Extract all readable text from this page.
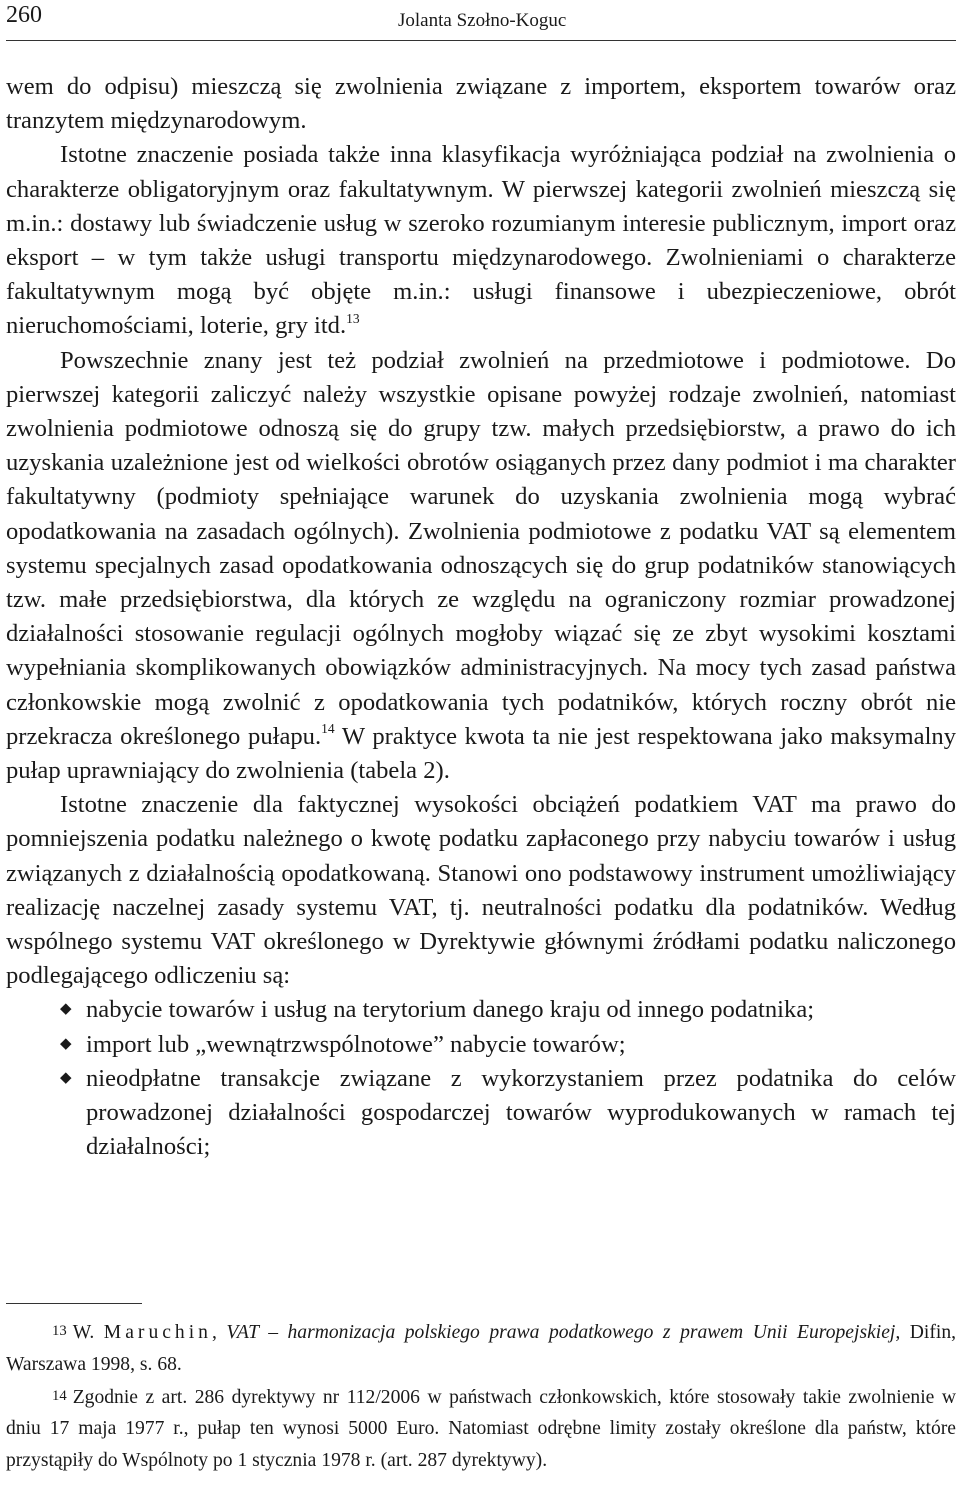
260	Jolanta Szołno-Koguc

wem do odpisu) mieszczą się zwolnienia związane z importem, eksportem towarów oraz tranzytem międzynarodowym.

Istotne znaczenie posiada także inna klasyfikacja wyróżniająca podział na zwolnienia o charakterze obligatoryjnym oraz fakultatywnym. W pierwszej kategorii zwolnień mieszczą się m.in.: dostawy lub świadczenie usług w szeroko rozumianym interesie publicznym, import oraz eksport – w tym także usługi transportu międzynarodowego. Zwolnieniami o charakterze fakultatywnym mogą być objęte m.in.: usługi finansowe i ubezpieczeniowe, obrót nieruchomościami, loterie, gry itd.$^{13}$

Powszechnie znany jest też podział zwolnień na przedmiotowe i podmiotowe. Do pierwszej kategorii zaliczyć należy wszystkie opisane powyżej rodzaje zwolnień, natomiast zwolnienia podmiotowe odnoszą się do grupy tzw. małych przedsiębiorstw, a prawo do ich uzyskania uzależnione jest od wielkości obrotów osiąganych przez dany podmiot i ma charakter fakultatywny (podmioty spełniające warunek do uzyskania zwolnienia mogą wybrać opodatkowania na zasadach ogólnych). Zwolnienia podmiotowe z podatku VAT są elementem systemu specjalnych zasad opodatkowania odnoszących się do grup podatników stanowiących tzw. małe przedsiębiorstwa, dla których ze względu na ograniczony rozmiar prowadzonej działalności stosowanie regulacji ogólnych mogłoby wiązać się ze zbyt wysokimi kosztami wypełniania skomplikowanych obowiązków administracyjnych. Na mocy tych zasad państwa członkowskie mogą zwolnić z opodatkowania tych podatników, których roczny obrót nie przekracza określonego pułapu.$^{14}$ W praktyce kwota ta nie jest respektowana jako maksymalny pułap uprawniający do zwolnienia (tabela 2).

Istotne znaczenie dla faktycznej wysokości obciążeń podatkiem VAT ma prawo do pomniejszenia podatku należnego o kwotę podatku zapłaconego przy nabyciu towarów i usług związanych z działalnością opodatkowaną. Stanowi ono podstawowy instrument umożliwiający realizację naczelnej zasady systemu VAT, tj. neutralności podatku dla podatników. Według wspólnego systemu VAT określonego w Dyrektywie głównymi źródłami podatku naliczonego podlegającego odliczeniu są:

◆ nabycie towarów i usług na terytorium danego kraju od innego podatnika;
◆ import lub „wewnątrzwspólnotowe” nabycie towarów;
◆ nieodpłatne transakcje związane z wykorzystaniem przez podatnika do celów prowadzonej działalności gospodarczej towarów wyprodukowanych w ramach tej działalności;

13 W. Maruchin, VAT – harmonizacja polskiego prawa podatkowego z prawem Unii Europejskiej, Difin, Warszawa 1998, s. 68.

14 Zgodnie z art. 286 dyrektywy nr 112/2006 w państwach członkowskich, które stosowały takie zwolnienie w dniu 17 maja 1977 r., pułap ten wynosi 5000 Euro. Natomiast odrębne limity zostały określone dla państw, które przystąpiły do Wspólnoty po 1 stycznia 1978 r. (art. 287 dyrektywy).
